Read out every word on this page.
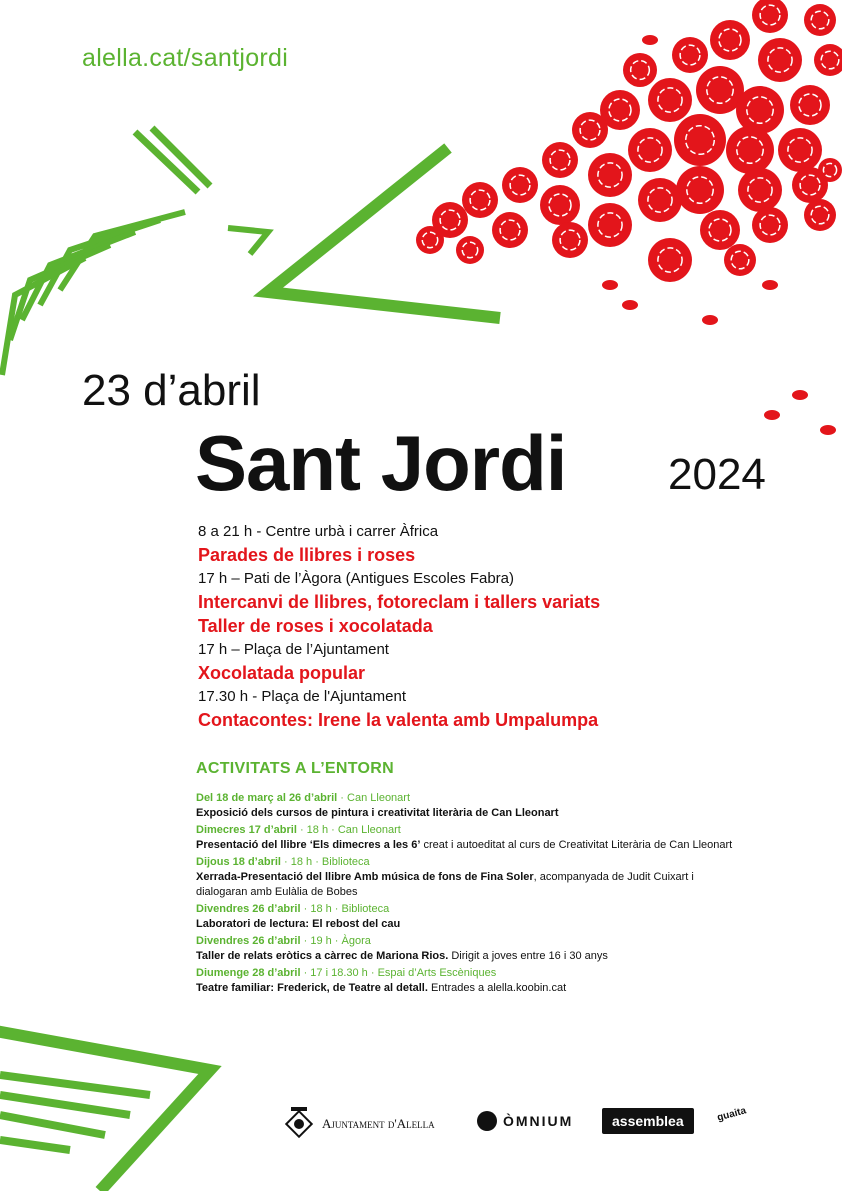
alella.cat/santjordi
23 d’abril
Sant Jordi 2024
8 a 21 h - Centre urbà i carrer Àfrica
Parades de llibres i roses
17 h – Pati de l’Àgora (Antigues Escoles Fabra)
Intercanvi de llibres, fotoreclam i tallers variats
Taller de roses i xocolatada
17 h – Plaça de l’Ajuntament
Xocolatada popular
17.30 h - Plaça de l'Ajuntament
Contacontes: Irene la valenta amb Umpalumpa
ACTIVITATS A L’ENTORN
Del 18 de març al 26 d’abril · Can Lleonart
Exposició dels cursos de pintura i creativitat literària de Can Lleonart
Dimecres 17 d’abril · 18 h · Can Lleonart
Presentació del llibre ‘Els dimecres a les 6’ creat i autoeditat al curs de Creativitat Literària de Can Lleonart
Dijous 18 d’abril · 18 h · Biblioteca
Xerrada-Presentació del llibre Amb música de fons de Fina Soler, acompanyada de Judit Cuixart i dialogaran amb Eulàlia de Bobes
Divendres 26 d’abril · 18 h · Biblioteca
Laboratori de lectura: El rebost del cau
Divendres 26 d’abril · 19 h · Àgora
Taller de relats eròtics a càrrec de Mariona Rios. Dirigit a joves entre 16 i 30 anys
Diumenge 28 d’abril · 17 i 18.30 h · Espai d’Arts Escèniques
Teatre familiar: Frederick, de Teatre al detall. Entrades a alella.koobin.cat
Ajuntament d'Alella	ÒMNIUM	assemblea	guaita
